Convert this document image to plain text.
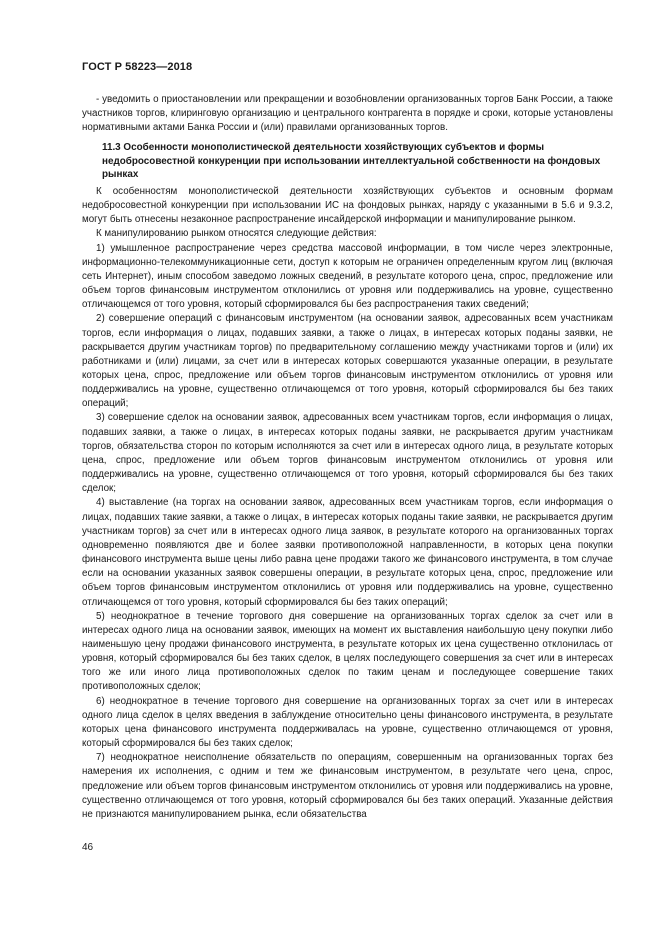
ГОСТ Р 58223—2018

- уведомить о приостановлении или прекращении и возобновлении организованных торгов Банк России, а также участников торгов, клиринговую организацию и центрального контрагента в порядке и сроки, которые установлены нормативными актами Банка России и (или) правилами организованных торгов.

11.3 Особенности монополистической деятельности хозяйствующих субъектов и формы недобросовестной конкуренции при использовании интеллектуальной собственности на фондовых рынках

К особенностям монополистической деятельности хозяйствующих субъектов и основным формам недобросовестной конкуренции при использовании ИС на фондовых рынках, наряду с указанными в 5.6 и 9.3.2, могут быть отнесены незаконное распространение инсайдерской информации и манипулирование рынком.

К манипулированию рынком относятся следующие действия:

1) умышленное распространение через средства массовой информации, в том числе через электронные, информационно-телекоммуникационные сети, доступ к которым не ограничен определенным кругом лиц (включая сеть Интернет), иным способом заведомо ложных сведений, в результате которого цена, спрос, предложение или объем торгов финансовым инструментом отклонились от уровня или поддерживались на уровне, существенно отличающемся от того уровня, который сформировался бы без распространения таких сведений;

2) совершение операций с финансовым инструментом (на основании заявок, адресованных всем участникам торгов, если информация о лицах, подавших заявки, а также о лицах, в интересах которых поданы заявки, не раскрывается другим участникам торгов) по предварительному соглашению между участниками торгов и (или) их работниками и (или) лицами, за счет или в интересах которых совершаются указанные операции, в результате которых цена, спрос, предложение или объем торгов финансовым инструментом отклонились от уровня или поддерживались на уровне, существенно отличающемся от того уровня, который сформировался бы без таких операций;

3) совершение сделок на основании заявок, адресованных всем участникам торгов, если информация о лицах, подавших заявки, а также о лицах, в интересах которых поданы заявки, не раскрывается другим участникам торгов, обязательства сторон по которым исполняются за счет или в интересах одного лица, в результате которых цена, спрос, предложение или объем торгов финансовым инструментом отклонились от уровня или поддерживались на уровне, существенно отличающемся от того уровня, который сформировался бы без таких сделок;

4) выставление (на торгах на основании заявок, адресованных всем участникам торгов, если информация о лицах, подавших такие заявки, а также о лицах, в интересах которых поданы такие заявки, не раскрывается другим участникам торгов) за счет или в интересах одного лица заявок, в результате которого на организованных торгах одновременно появляются две и более заявки противоположной направленности, в которых цена покупки финансового инструмента выше цены либо равна цене продажи такого же финансового инструмента, в том случае если на основании указанных заявок совершены операции, в результате которых цена, спрос, предложение или объем торгов финансовым инструментом отклонились от уровня или поддерживались на уровне, существенно отличающемся от того уровня, который сформировался бы без таких операций;

5) неоднократное в течение торгового дня совершение на организованных торгах сделок за счет или в интересах одного лица на основании заявок, имеющих на момент их выставления наибольшую цену покупки либо наименьшую цену продажи финансового инструмента, в результате которых их цена существенно отклонилась от уровня, который сформировался бы без таких сделок, в целях последующего совершения за счет или в интересах того же или иного лица противоположных сделок по таким ценам и последующее совершение таких противоположных сделок;

6) неоднократное в течение торгового дня совершение на организованных торгах за счет или в интересах одного лица сделок в целях введения в заблуждение относительно цены финансового инструмента, в результате которых цена финансового инструмента поддерживалась на уровне, существенно отличающемся от уровня, который сформировался бы без таких сделок;

7) неоднократное неисполнение обязательств по операциям, совершенным на организованных торгах без намерения их исполнения, с одним и тем же финансовым инструментом, в результате чего цена, спрос, предложение или объем торгов финансовым инструментом отклонились от уровня или поддерживались на уровне, существенно отличающемся от того уровня, который сформировался бы без таких операций. Указанные действия не признаются манипулированием рынка, если обязательства

46
